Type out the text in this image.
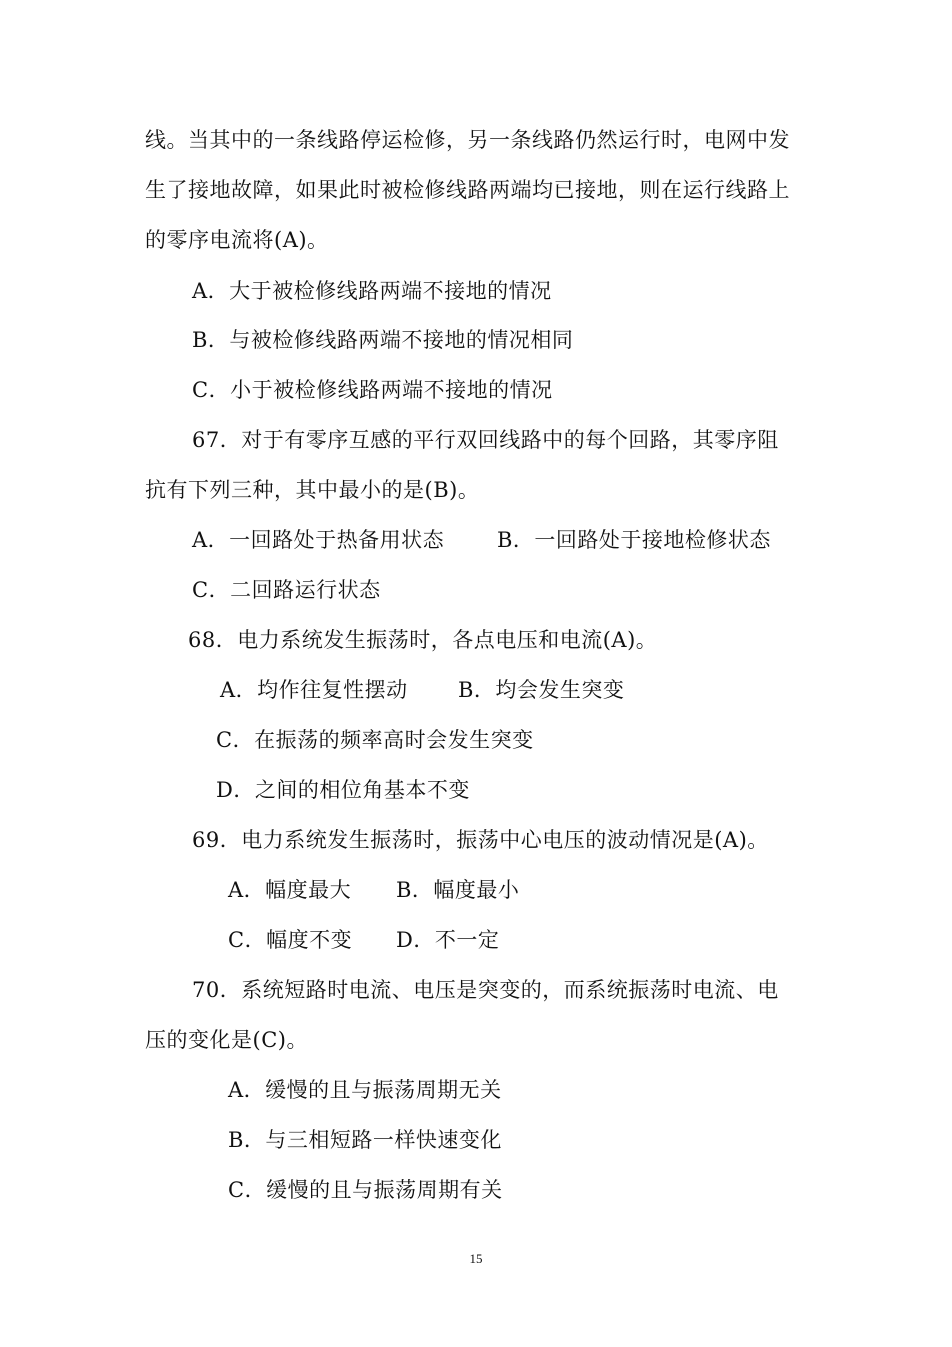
线。当其中的一条线路停运检修，另一条线路仍然运行时，电网中发
生了接地故障，如果此时被检修线路两端均已接地，则在运行线路上
的零序电流将(A)。
A．大于被检修线路两端不接地的情况
B．与被检修线路两端不接地的情况相同
C．小于被检修线路两端不接地的情况
67．对于有零序互感的平行双回线路中的每个回路，其零序阻
抗有下列三种，其中最小的是(B)。
A．一回路处于热备用状态	B．一回路处于接地检修状态
C．二回路运行状态
68．电力系统发生振荡时，各点电压和电流(A)。
A．均作往复性摆动 B．均会发生突变
C．在振荡的频率高时会发生突变
D．之间的相位角基本不变
69．电力系统发生振荡时，振荡中心电压的波动情况是(A)。
A．幅度最大 B．幅度最小
C．幅度不变 D．不一定
70．系统短路时电流、电压是突变的，而系统振荡时电流、电
压的变化是(C)。
A．缓慢的且与振荡周期无关
B．与三相短路一样快速变化
C．缓慢的且与振荡周期有关
15
